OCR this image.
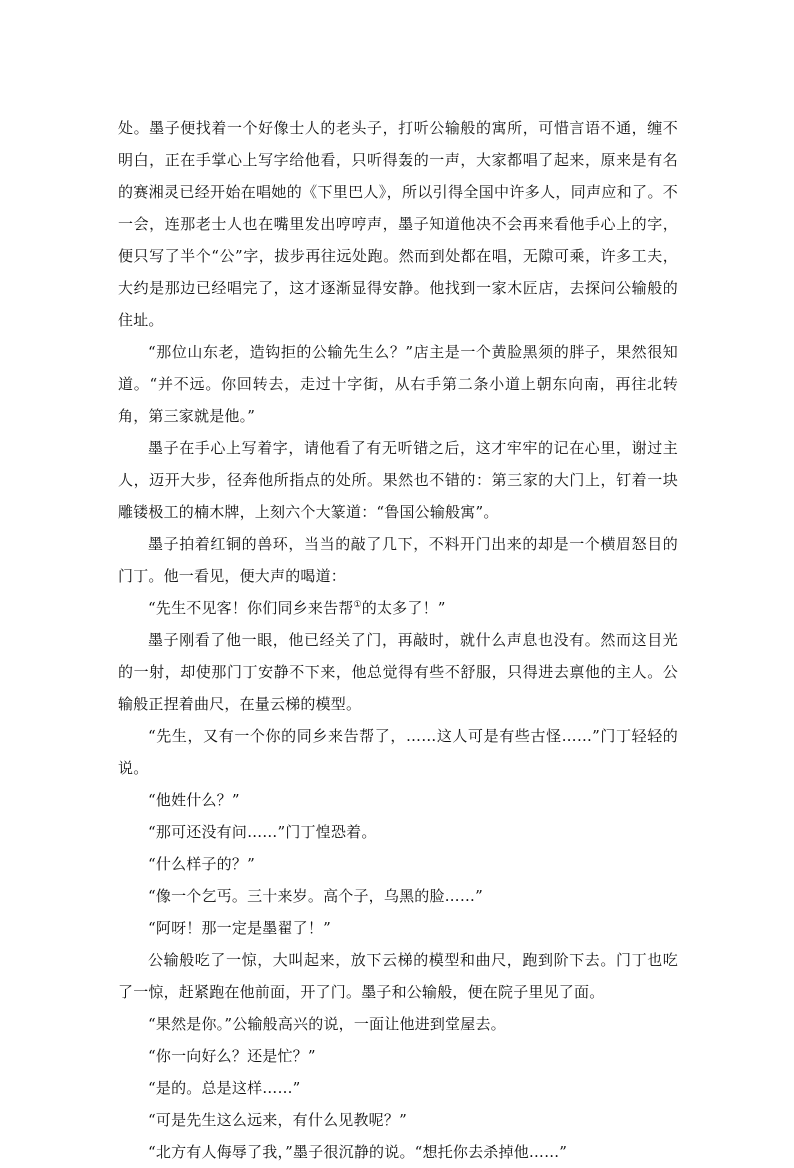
处。墨子便找着一个好像士人的老头子，打听公输般的寓所，可惜言语不通，缠不明白，正在手掌心上写字给他看，只听得轰的一声，大家都唱了起来，原来是有名的赛湘灵已经开始在唱她的《下里巴人》，所以引得全国中许多人，同声应和了。不一会，连那老士人也在嘴里发出哼哼声，墨子知道他决不会再来看他手心上的字，便只写了半个“公”字，拔步再往远处跑。然而到处都在唱，无隙可乘，许多工夫，大约是那边已经唱完了，这才逐渐显得安静。他找到一家木匠店，去探问公输般的住址。

“那位山东老，造钩拒的公输先生么？”店主是一个黄脸黑须的胖子，果然很知道。“并不远。你回转去，走过十字街，从右手第二条小道上朝东向南，再往北转角，第三家就是他。”

墨子在手心上写着字，请他看了有无听错之后，这才牢牢的记在心里，谢过主人，迈开大步，径奔他所指点的处所。果然也不错的：第三家的大门上，钉着一块雕镂极工的楠木牌，上刻六个大篆道：“鲁国公输般寓”。

墨子拍着红铜的兽环，当当的敲了几下，不料开门出来的却是一个横眉怒目的门丁。他一看见，便大声的喝道：

“先生不见客！你们同乡来告帮①的太多了！”

墨子刚看了他一眼，他已经关了门，再敲时，就什么声息也没有。然而这目光的一射，却使那门丁安静不下来，他总觉得有些不舒服，只得进去禀他的主人。公输般正捏着曲尺，在量云梯的模型。

“先生，又有一个你的同乡来告帮了，……这人可是有些古怪……”门丁轻轻的说。

“他姓什么？”

“那可还没有问……”门丁惶恐着。

“什么样子的？”

“像一个乞丐。三十来岁。高个子，乌黑的脸……”

“阿呀！那一定是墨翟了！”

公输般吃了一惊，大叫起来，放下云梯的模型和曲尺，跑到阶下去。门丁也吃了一惊，赶紧跑在他前面，开了门。墨子和公输般，便在院子里见了面。

“果然是你。”公输般高兴的说，一面让他进到堂屋去。

“你一向好么？还是忙？”

“是的。总是这样……”

“可是先生这么远来，有什么见教呢？”

“北方有人侮辱了我，”墨子很沉静的说。“想托你去杀掉他……”
